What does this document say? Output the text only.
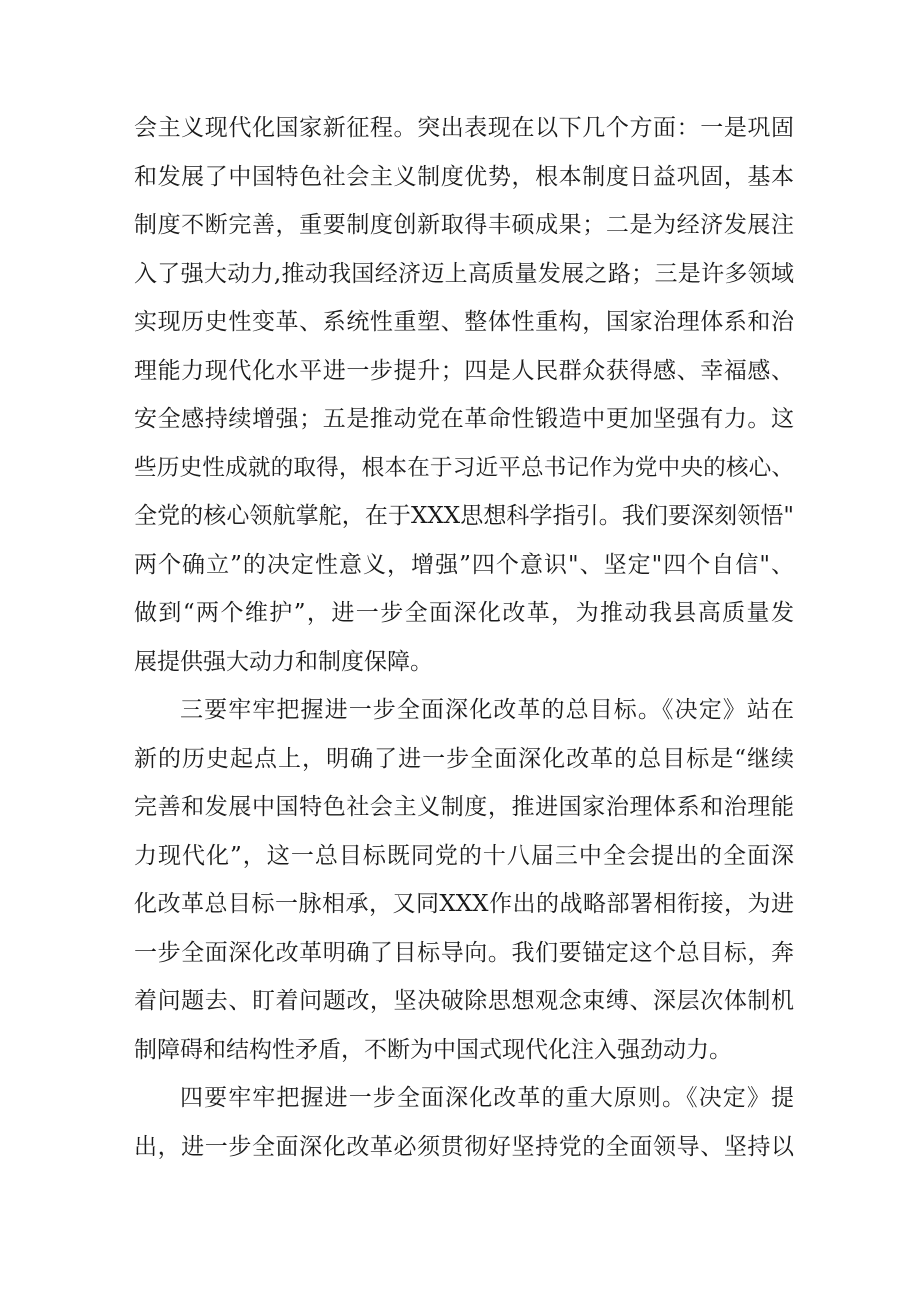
会主义现代化国家新征程。突出表现在以下几个方面：一是巩固
和发展了中国特色社会主义制度优势，根本制度日益巩固，基本
制度不断完善，重要制度创新取得丰硕成果；二是为经济发展注
入了强大动力,推动我国经济迈上高质量发展之路；三是许多领域
实现历史性变革、系统性重塑、整体性重构，国家治理体系和治
理能力现代化水平进一步提升；四是人民群众获得感、幸福感、
安全感持续增强；五是推动党在革命性锻造中更加坚强有力。这
些历史性成就的取得，根本在于习近平总书记作为党中央的核心、
全党的核心领航掌舵，在于XXX思想科学指引。我们要深刻领悟"
两个确立”的决定性意义，增强”四个意识"、坚定"四个自信"、
做到“两个维护”，进一步全面深化改革，为推动我县高质量发
展提供强大动力和制度保障。
三要牢牢把握进一步全面深化改革的总目标。《决定》站在
新的历史起点上，明确了进一步全面深化改革的总目标是“继续
完善和发展中国特色社会主义制度，推进国家治理体系和治理能
力现代化”，这一总目标既同党的十八届三中全会提出的全面深
化改革总目标一脉相承，又同XXX作出的战略部署相衔接，为进
一步全面深化改革明确了目标导向。我们要锚定这个总目标，奔
着问题去、盯着问题改，坚决破除思想观念束缚、深层次体制机
制障碍和结构性矛盾，不断为中国式现代化注入强劲动力。
四要牢牢把握进一步全面深化改革的重大原则。《决定》提
出，进一步全面深化改革必须贯彻好坚持党的全面领导、坚持以
